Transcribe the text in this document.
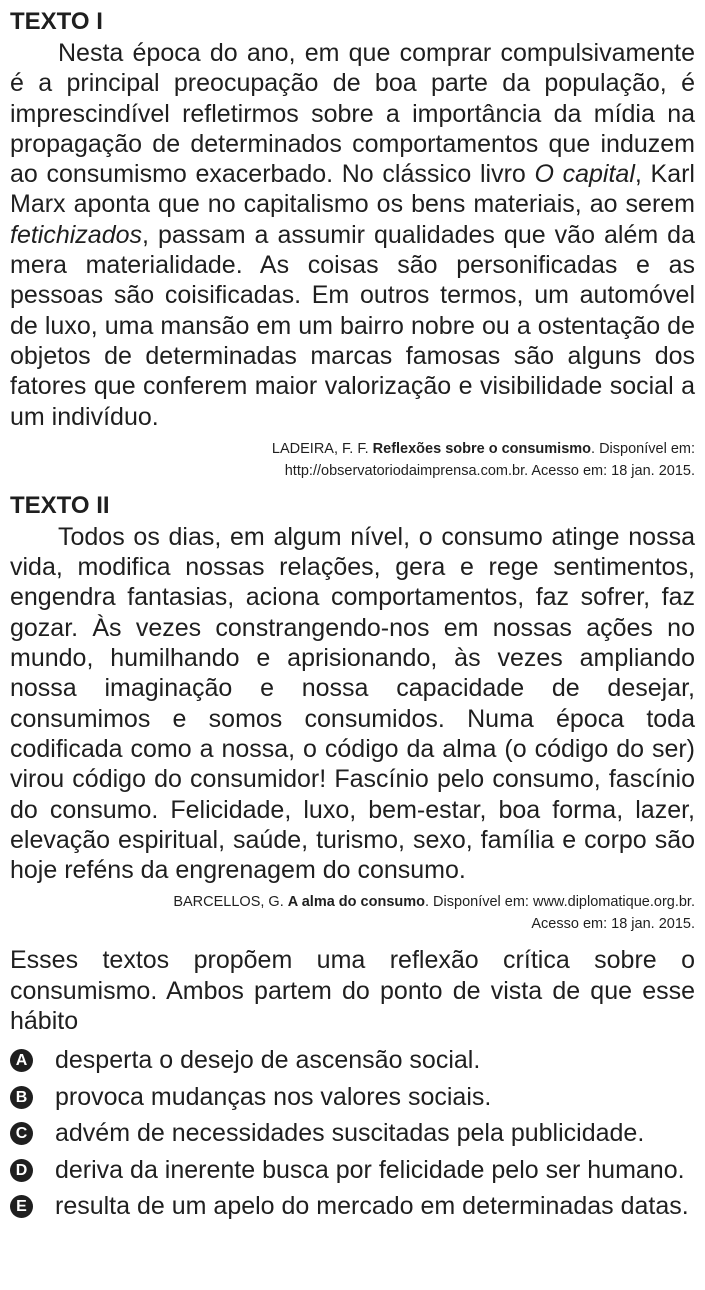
TEXTO I

Nesta época do ano, em que comprar compulsivamente é a principal preocupação de boa parte da população, é imprescindível refletirmos sobre a importância da mídia na propagação de determinados comportamentos que induzem ao consumismo exacerbado. No clássico livro O capital, Karl Marx aponta que no capitalismo os bens materiais, ao serem fetichizados, passam a assumir qualidades que vão além da mera materialidade. As coisas são personificadas e as pessoas são coisificadas. Em outros termos, um automóvel de luxo, uma mansão em um bairro nobre ou a ostentação de objetos de determinadas marcas famosas são alguns dos fatores que conferem maior valorização e visibilidade social a um indivíduo.

LADEIRA, F. F. Reflexões sobre o consumismo. Disponível em:
http://observatoriodaimprensa.com.br. Acesso em: 18 jan. 2015.
TEXTO II

Todos os dias, em algum nível, o consumo atinge nossa vida, modifica nossas relações, gera e rege sentimentos, engendra fantasias, aciona comportamentos, faz sofrer, faz gozar. Às vezes constrangendo-nos em nossas ações no mundo, humilhando e aprisionando, às vezes ampliando nossa imaginação e nossa capacidade de desejar, consumimos e somos consumidos. Numa época toda codificada como a nossa, o código da alma (o código do ser) virou código do consumidor! Fascínio pelo consumo, fascínio do consumo. Felicidade, luxo, bem-estar, boa forma, lazer, elevação espiritual, saúde, turismo, sexo, família e corpo são hoje reféns da engrenagem do consumo.

BARCELLOS, G. A alma do consumo. Disponível em: www.diplomatique.org.br.
Acesso em: 18 jan. 2015.

Esses textos propõem uma reflexão crítica sobre o consumismo. Ambos partem do ponto de vista de que esse hábito

A desperta o desejo de ascensão social.
B provoca mudanças nos valores sociais.
C advém de necessidades suscitadas pela publicidade.
D deriva da inerente busca por felicidade pelo ser humano.
E resulta de um apelo do mercado em determinadas datas.
